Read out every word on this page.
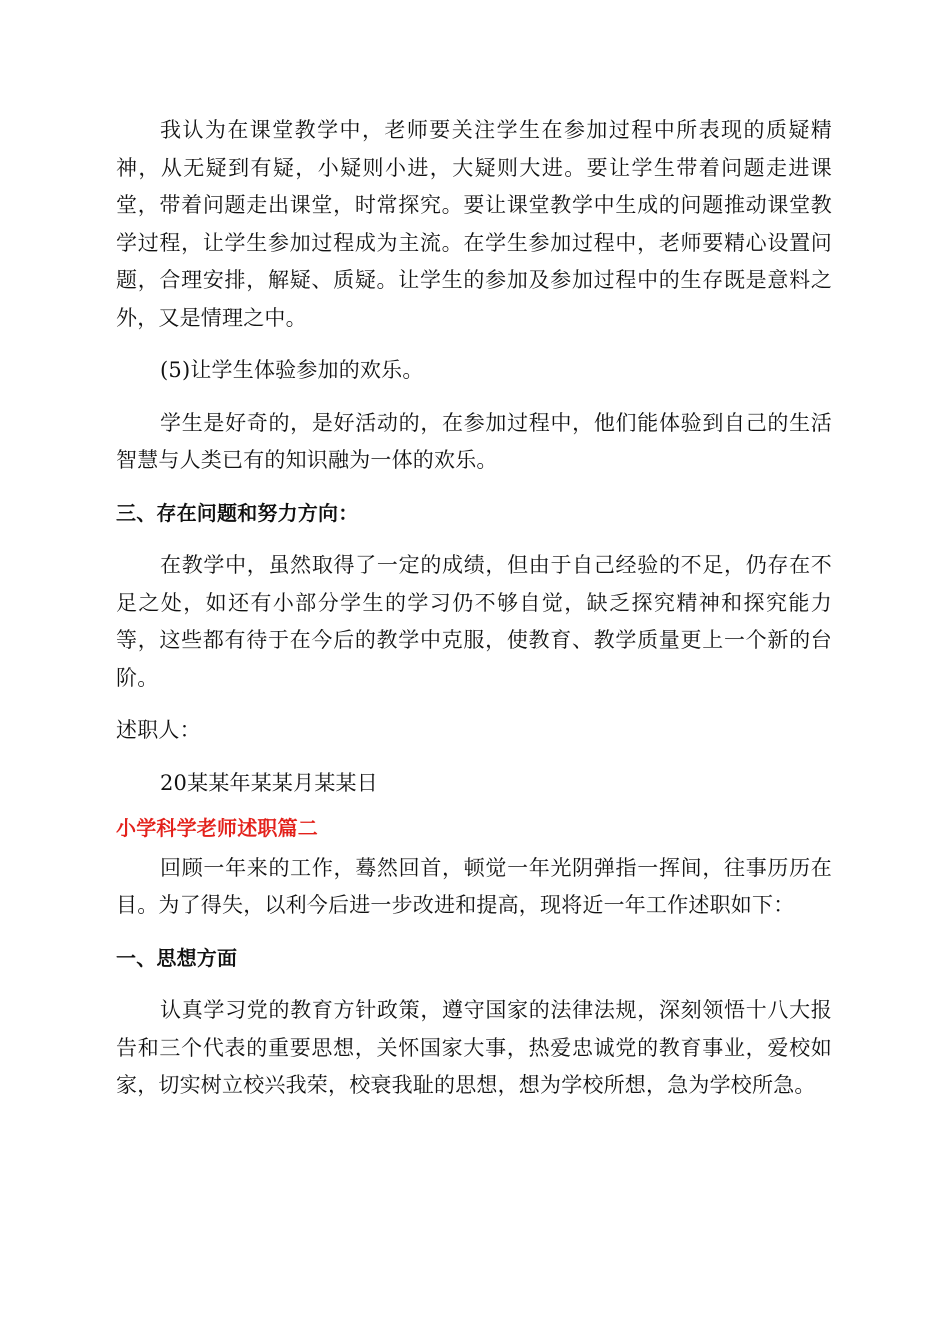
我认为在课堂教学中，老师要关注学生在参加过程中所表现的质疑精神，从无疑到有疑，小疑则小进，大疑则大进。要让学生带着问题走进课堂，带着问题走出课堂，时常探究。要让课堂教学中生成的问题推动课堂教学过程，让学生参加过程成为主流。在学生参加过程中，老师要精心设置问题，合理安排，解疑、质疑。让学生的参加及参加过程中的生存既是意料之外，又是情理之中。

(5)让学生体验参加的欢乐。

学生是好奇的，是好活动的，在参加过程中，他们能体验到自己的生活智慧与人类已有的知识融为一体的欢乐。

三、存在问题和努力方向：

在教学中，虽然取得了一定的成绩，但由于自己经验的不足，仍存在不足之处，如还有小部分学生的学习仍不够自觉，缺乏探究精神和探究能力等，这些都有待于在今后的教学中克服，使教育、教学质量更上一个新的台阶。

述职人：

20某某年某某月某某日

小学科学老师述职篇二

回顾一年来的工作，蓦然回首，顿觉一年光阴弹指一挥间，往事历历在目。为了得失，以利今后进一步改进和提高，现将近一年工作述职如下：

一、思想方面

认真学习党的教育方针政策，遵守国家的法律法规，深刻领悟十八大报告和三个代表的重要思想，关怀国家大事，热爱忠诚党的教育事业，爱校如家，切实树立校兴我荣，校衰我耻的思想，想为学校所想，急为学校所急。
